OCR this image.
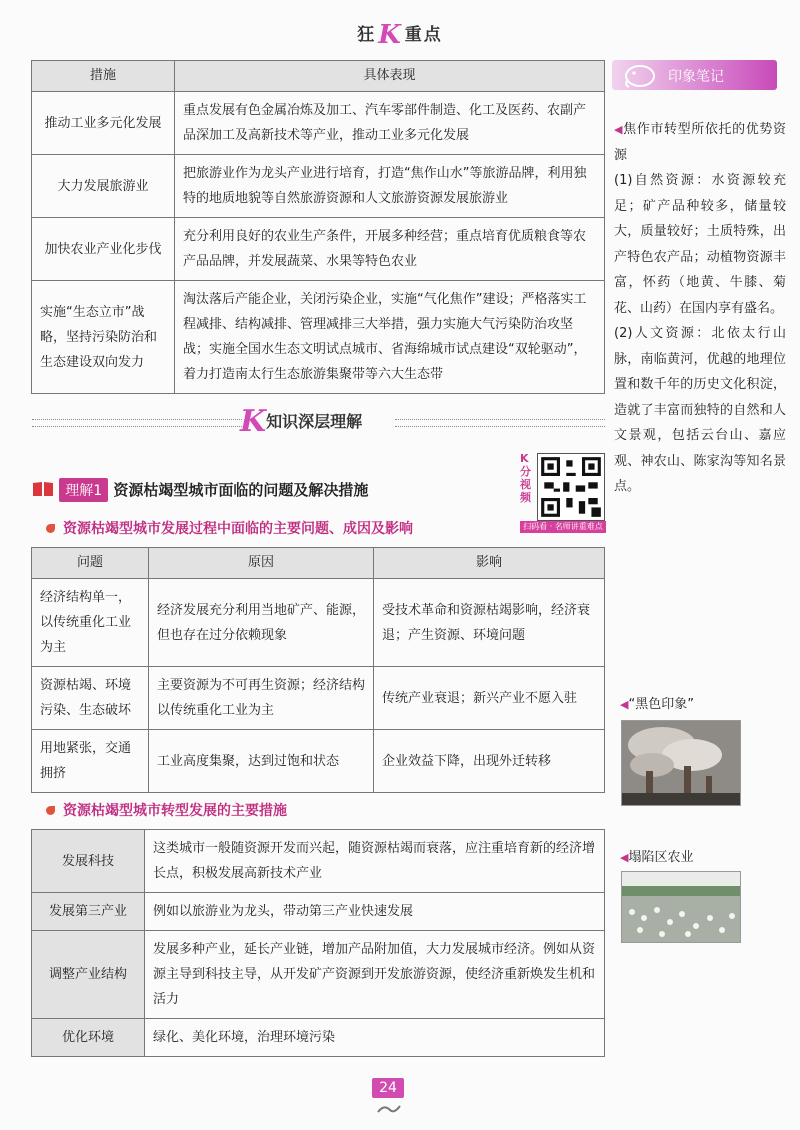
狂K 重点
措施	具体表现
推动工业多元化发展	重点发展有色金属冶炼及加工、汽车零部件制造、化工及医药、农副产品深加工及高新技术等产业，推动工业多元化发展
大力发展旅游业	把旅游业作为龙头产业进行培育，打造“焦作山水”等旅游品牌，利用独特的地质地貌等自然旅游资源和人文旅游资源发展旅游业
加快农业产业化步伐	充分利用良好的农业生产条件，开展多种经营；重点培育优质粮食等农产品品牌，并发展蔬菜、水果等特色农业
实施“生态立市”战略，坚持污染防治和生态建设双向发力	淘汰落后产能企业，关闭污染企业，实施“气化焦作”建设；严格落实工程减排、结构减排、管理减排三大举措，强力实施大气污染防治攻坚战；实施全国水生态文明试点城市、省海绵城市试点建设“双轮驱动”，着力打造南太行生态旅游集聚带等六大生态带
印象笔记
◀焦作市转型所依托的优势资源
(1)自然资源：水资源较充足；矿产品种较多，储量较大，质量较好；土质特殊，出产特色农产品；动植物资源丰富，怀药（地黄、牛膝、菊花、山药）在国内享有盛名。
(2)人文资源：北依太行山脉，南临黄河，优越的地理位置和数千年的历史文化积淀，造就了丰富而独特的自然和人文景观，包括云台山、嘉应观、神农山、陈家沟等知名景点。
◀“黑色印象”
◀塌陷区农业
K知识深层理解
理解1 资源枯竭型城市面临的问题及解决措施
K分视频
扫码看 · 名师讲重难点
资源枯竭型城市发展过程中面临的主要问题、成因及影响
问题	原因	影响
经济结构单一，以传统重化工业为主	经济发展充分利用当地矿产、能源，但也存在过分依赖现象	受技术革命和资源枯竭影响，经济衰退；产生资源、环境问题
资源枯竭、环境污染、生态破坏	主要资源为不可再生资源；经济结构以传统重化工业为主	传统产业衰退；新兴产业不愿入驻
用地紧张，交通拥挤	工业高度集聚，达到过饱和状态	企业效益下降，出现外迁转移
资源枯竭型城市转型发展的主要措施
发展科技	这类城市一般随资源开发而兴起，随资源枯竭而衰落，应注重培育新的经济增长点，积极发展高新技术产业
发展第三产业	例如以旅游业为龙头，带动第三产业快速发展
调整产业结构	发展多种产业，延长产业链，增加产品附加值，大力发展城市经济。例如从资源主导到科技主导，从开发矿产资源到开发旅游资源，使经济重新焕发生机和活力
优化环境	绿化、美化环境，治理环境污染
24
